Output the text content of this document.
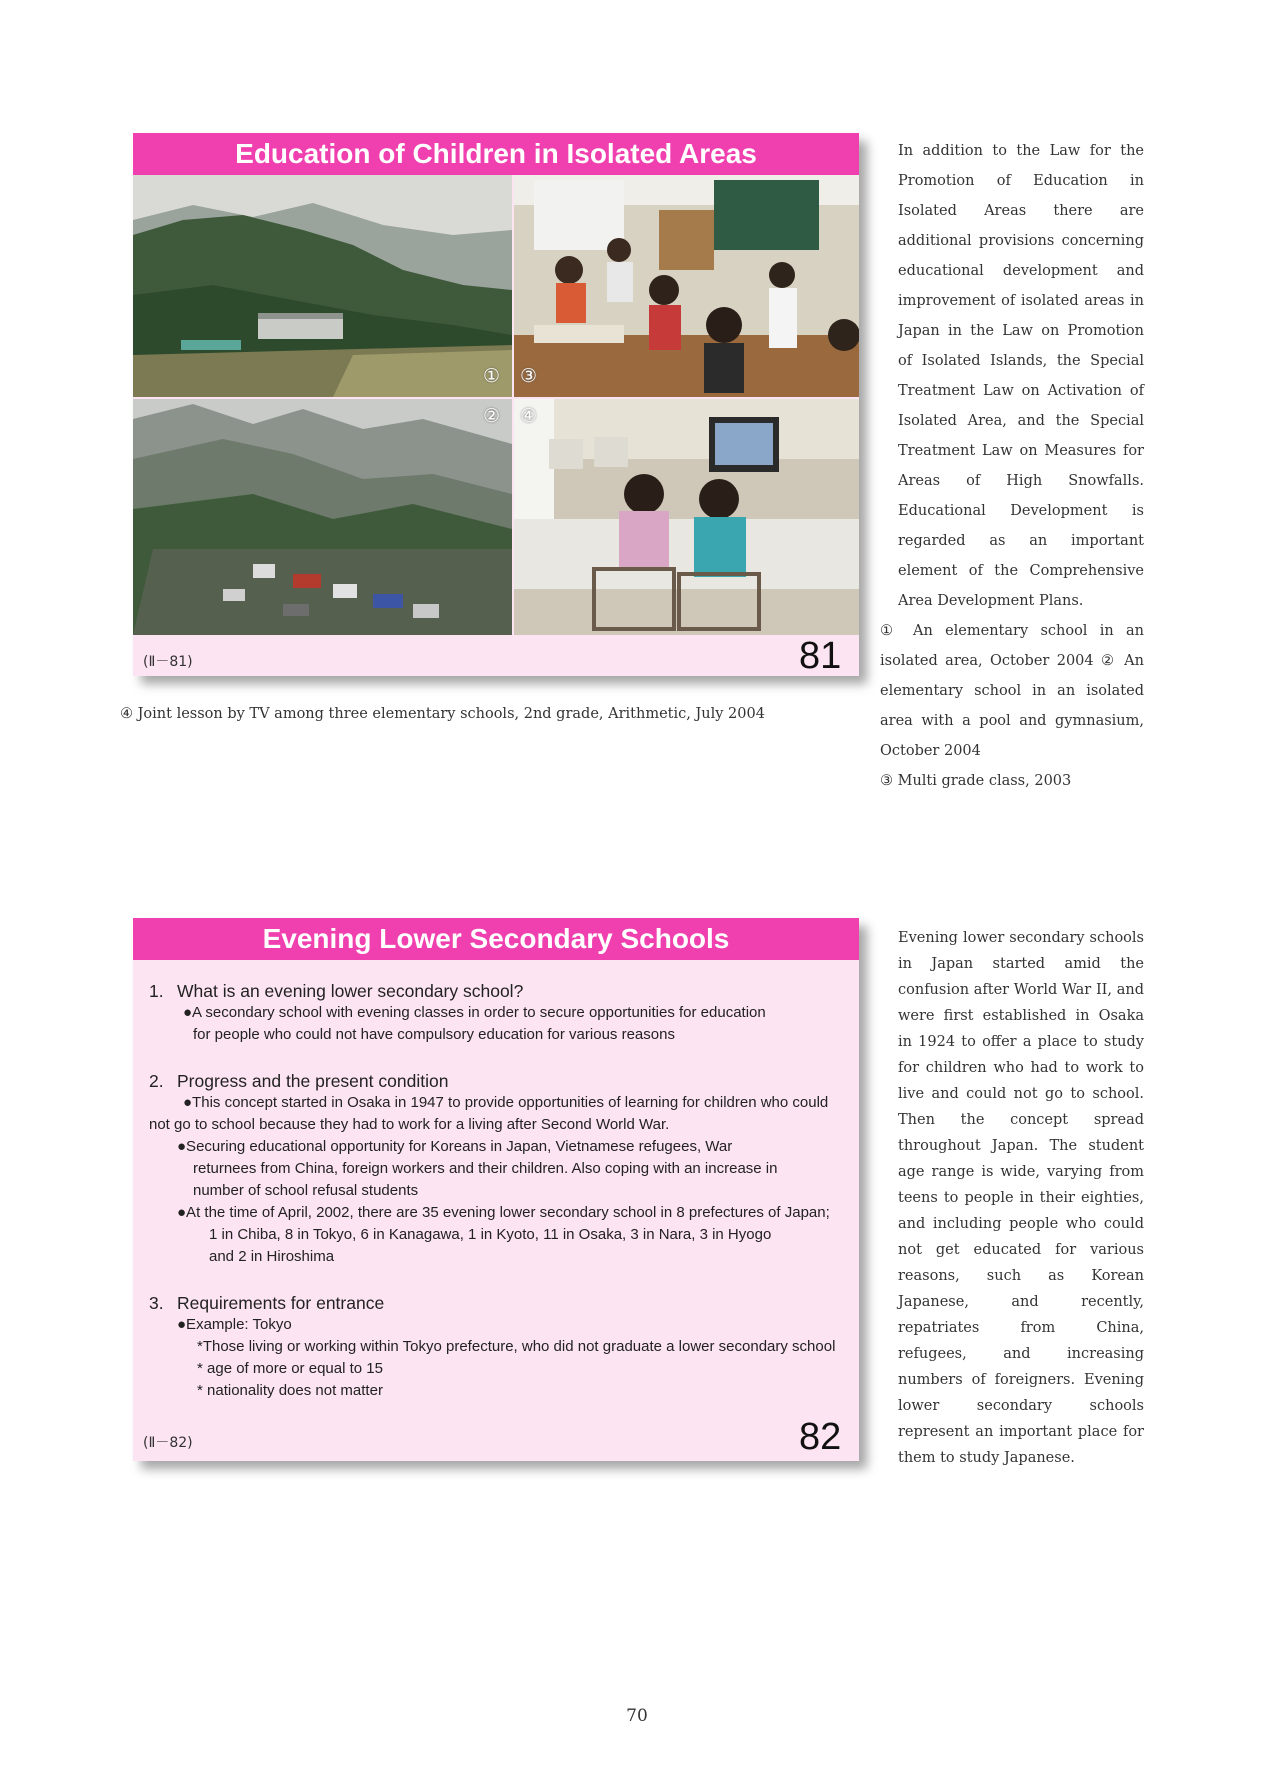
Education of Children in Isolated Areas
① ③
② ④
(Ⅱ－81)	81

In addition to the Law for the Promotion of Education in Isolated Areas there are additional provisions concerning educational development and improvement of isolated areas in Japan in the Law on Promotion of Isolated Islands, the Special Treatment Law on Activation of Isolated Area, and the Special Treatment Law on Measures for Areas of High Snowfalls. Educational Development is regarded as an important element of the Comprehensive Area Development Plans.

① An elementary school in an isolated area, October 2004 ② An elementary school in an isolated area with a pool and gymnasium, October 2004

③ Multi grade class, 2003

④ Joint lesson by TV among three elementary schools, 2nd grade, Arithmetic, July 2004

Evening Lower Secondary Schools

1. What is an evening lower secondary school?

●A secondary school with evening classes in order to secure opportunities for education

for people who could not have compulsory education for various reasons

2. Progress and the present condition

●This concept started in Osaka in 1947 to provide opportunities of learning for children who could

not go to school because they had to work for a living after Second World War.

●Securing educational opportunity for Koreans in Japan, Vietnamese refugees, War

returnees from China, foreign workers and their children. Also coping with an increase in

number of school refusal students

●At the time of April, 2002, there are 35 evening lower secondary school in 8 prefectures of Japan;

1 in Chiba, 8 in Tokyo, 6 in Kanagawa, 1 in Kyoto, 11 in Osaka, 3 in Nara, 3 in Hyogo

and 2 in Hiroshima

3. Requirements for entrance

●Example: Tokyo

*Those living or working within Tokyo prefecture, who did not graduate a lower secondary school

* age of more or equal to 15

* nationality does not matter

(Ⅱ－82)	82

Evening lower secondary schools in Japan started amid the confusion after World War II, and were first established in Osaka in 1924 to offer a place to study for children who had to work to live and could not go to school. Then the concept spread throughout Japan. The student age range is wide, varying from teens to people in their eighties, and including people who could not get educated for various reasons, such as Korean Japanese, and recently, repatriates from China, refugees, and increasing numbers of foreigners. Evening lower secondary schools represent an important place for them to study Japanese.

70
